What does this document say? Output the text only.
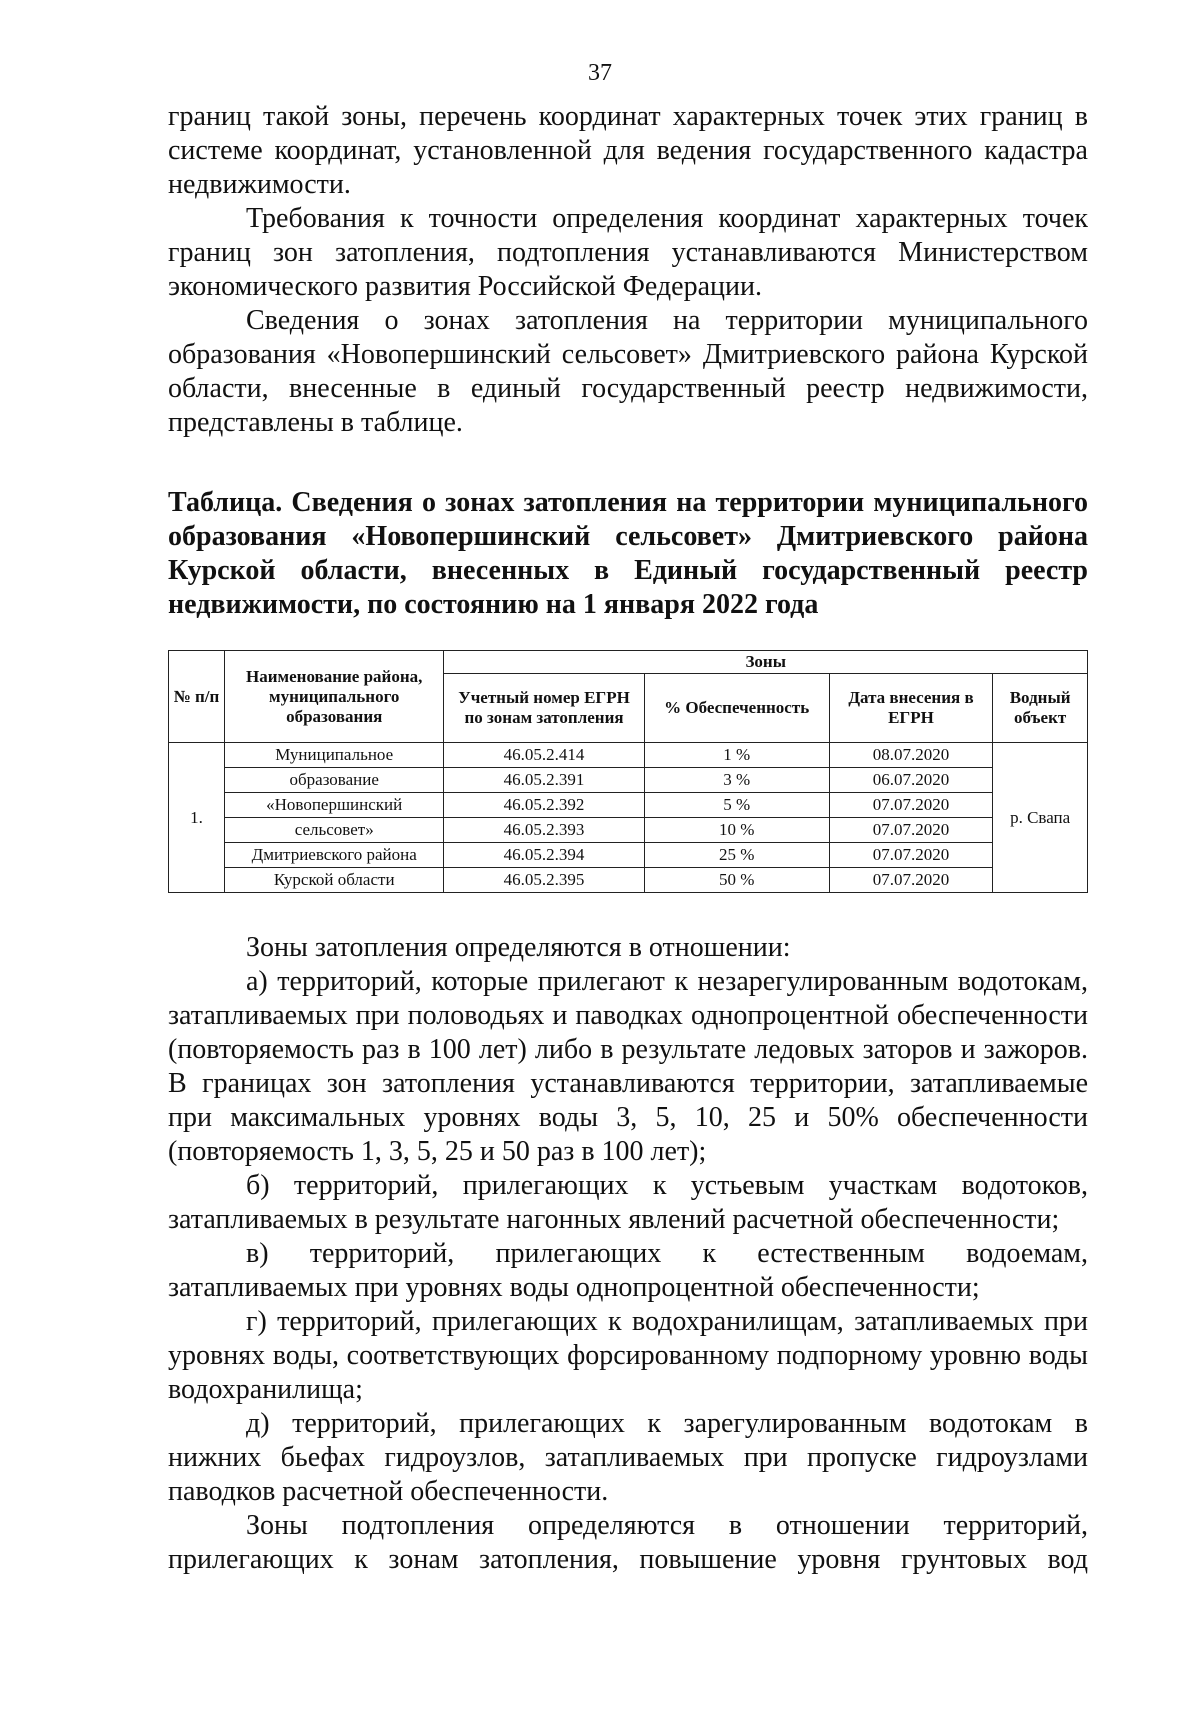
37

границ такой зоны, перечень координат характерных точек этих границ в системе координат, установленной для ведения государственного кадастра недвижимости.

Требования к точности определения координат характерных точек границ зон затопления, подтопления устанавливаются Министерством экономического развития Российской Федерации.

Сведения о зонах затопления на территории муниципального образования «Новопершинский сельсовет» Дмитриевского района Курской области, внесенные в единый государственный реестр недвижимости, представлены в таблице.

Таблица. Сведения о зонах затопления на территории муниципального образования «Новопершинский сельсовет» Дмитриевского района Курской области, внесенных в Единый государственный реестр недвижимости, по состоянию на 1 января 2022 года

№ п/п	Наименование района, муниципального образования	Зоны			
		Учетный номер ЕГРН по зонам затопления	% Обеспеченность	Дата внесения в ЕГРН	Водный объект
1.	Муниципальное	46.05.2.414	1 %	08.07.2020	р. Свапа
	образование	46.05.2.391	3 %	06.07.2020	
	«Новопершинский	46.05.2.392	5 %	07.07.2020	
	сельсовет»	46.05.2.393	10 %	07.07.2020	
	Дмитриевского района	46.05.2.394	25 %	07.07.2020	
	Курской области	46.05.2.395	50 %	07.07.2020	

Зоны затопления определяются в отношении:

а) территорий, которые прилегают к незарегулированным водотокам, затапливаемых при половодьях и паводках однопроцентной обеспеченности (повторяемость раз в 100 лет) либо в результате ледовых заторов и зажоров. В границах зон затопления устанавливаются территории, затапливаемые при максимальных уровнях воды 3, 5, 10, 25 и 50% обеспеченности (повторяемость 1, 3, 5, 25 и 50 раз в 100 лет);

б) территорий, прилегающих к устьевым участкам водотоков, затапливаемых в результате нагонных явлений расчетной обеспеченности;

в) территорий, прилегающих к естественным водоемам, затапливаемых при уровнях воды однопроцентной обеспеченности;

г) территорий, прилегающих к водохранилищам, затапливаемых при уровнях воды, соответствующих форсированному подпорному уровню воды водохранилища;

д) территорий, прилегающих к зарегулированным водотокам в нижних бьефах гидроузлов, затапливаемых при пропуске гидроузлами паводков расчетной обеспеченности.

Зоны подтопления определяются в отношении территорий, прилегающих к зонам затопления, повышение уровня грунтовых вод
